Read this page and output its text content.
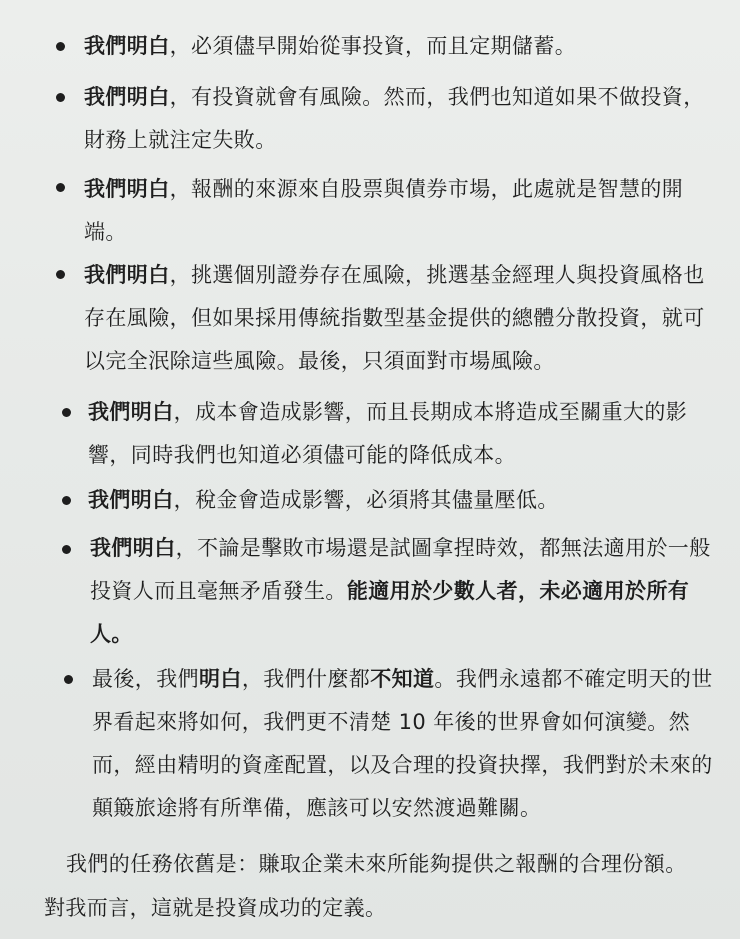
我們明白，必須儘早開始從事投資，而且定期儲蓄。
我們明白，有投資就會有風險。然而，我們也知道如果不做投資，財務上就注定失敗。
我們明白，報酬的來源來自股票與債券市場，此處就是智慧的開端。
我們明白，挑選個別證券存在風險，挑選基金經理人與投資風格也存在風險，但如果採用傳統指數型基金提供的總體分散投資，就可以完全泯除這些風險。最後，只須面對市場風險。
我們明白，成本會造成影響，而且長期成本將造成至關重大的影響，同時我們也知道必須儘可能的降低成本。
我們明白，稅金會造成影響，必須將其儘量壓低。
我們明白，不論是擊敗市場還是試圖拿捏時效，都無法適用於一般投資人而且毫無矛盾發生。能適用於少數人者，未必適用於所有人。
最後，我們明白，我們什麼都不知道。我們永遠都不確定明天的世界看起來將如何，我們更不清楚 10 年後的世界會如何演變。然而，經由精明的資產配置，以及合理的投資抉擇，我們對於未來的顛簸旅途將有所準備，應該可以安然渡過難關。
我們的任務依舊是：賺取企業未來所能夠提供之報酬的合理份額。
對我而言，這就是投資成功的定義。
